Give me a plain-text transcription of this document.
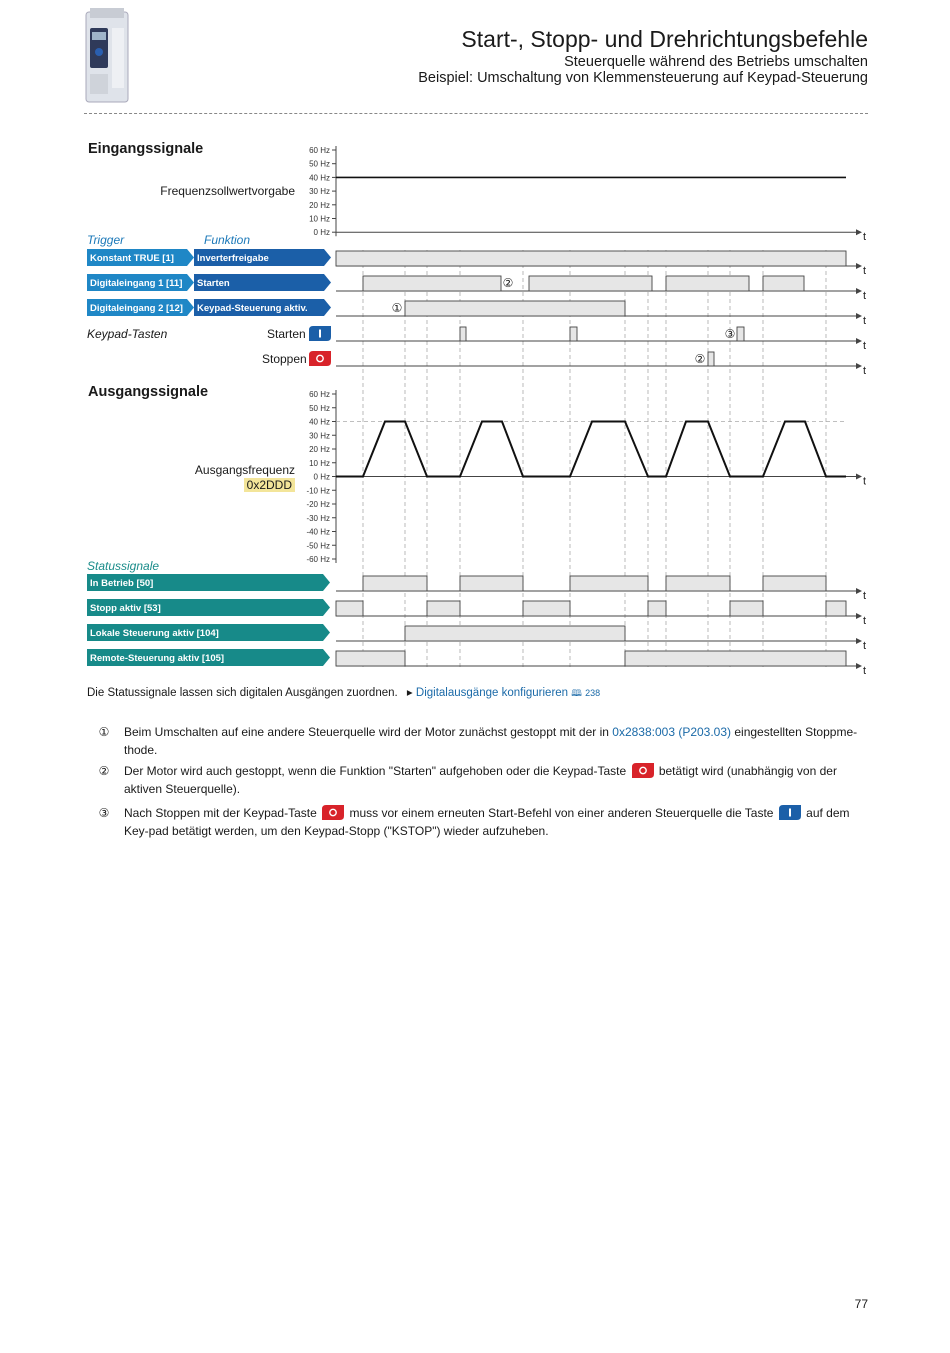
Start-, Stopp- und Drehrichtungsbefehle
Steuerquelle während des Betriebs umschalten
Beispiel: Umschaltung von Klemmensteuerung auf Keypad-Steuerung
Eingangssignale
Frequenzsollwertvorgabe
Trigger	Funktion
Keypad-Tasten	Starten
Stoppen
Ausgangssignale
Ausgangsfrequenz
0x2DDD
Statussignale
60 Hz
50 Hz
40 Hz
30 Hz
20 Hz
10 Hz
0 Hz	t
Konstant TRUE [1] Inverterfreigabe
t
Digitaleingang 1 [11] Starten
t
Digitaleingang 2 [12] Keypad-Steuerung aktiv.
t
t
t
②
①
③
②
60 Hz
50 Hz
40 Hz
30 Hz
20 Hz
10 Hz
0 Hz
-10 Hz
-20 Hz
-30 Hz
-40 Hz
-50 Hz
-60 Hz
t
In Betrieb [50]
t
Stopp aktiv [53]
t
Lokale Steuerung aktiv [104]
t
Remote-Steuerung aktiv [105]
t
Die Statussignale lassen sich digitalen Ausgängen zuordnen. ▸ Digitalausgänge konfigurieren 🕮 238
①	Beim Umschalten auf eine andere Steuerquelle wird der Motor zunächst gestoppt mit der in 0x2838:003 (P203.03) eingestellten Stoppme-thode.
②	Der Motor wird auch gestoppt, wenn die Funktion "Starten" aufgehoben oder die Keypad-Taste  betätigt wird (unabhängig von der aktiven Steuerquelle).
③	Nach Stoppen mit der Keypad-Taste  muss vor einem erneuten Start-Befehl von einer anderen Steuerquelle die Taste  auf dem Key-pad betätigt werden, um den Keypad-Stopp ("KSTOP") wieder aufzuheben.
77
